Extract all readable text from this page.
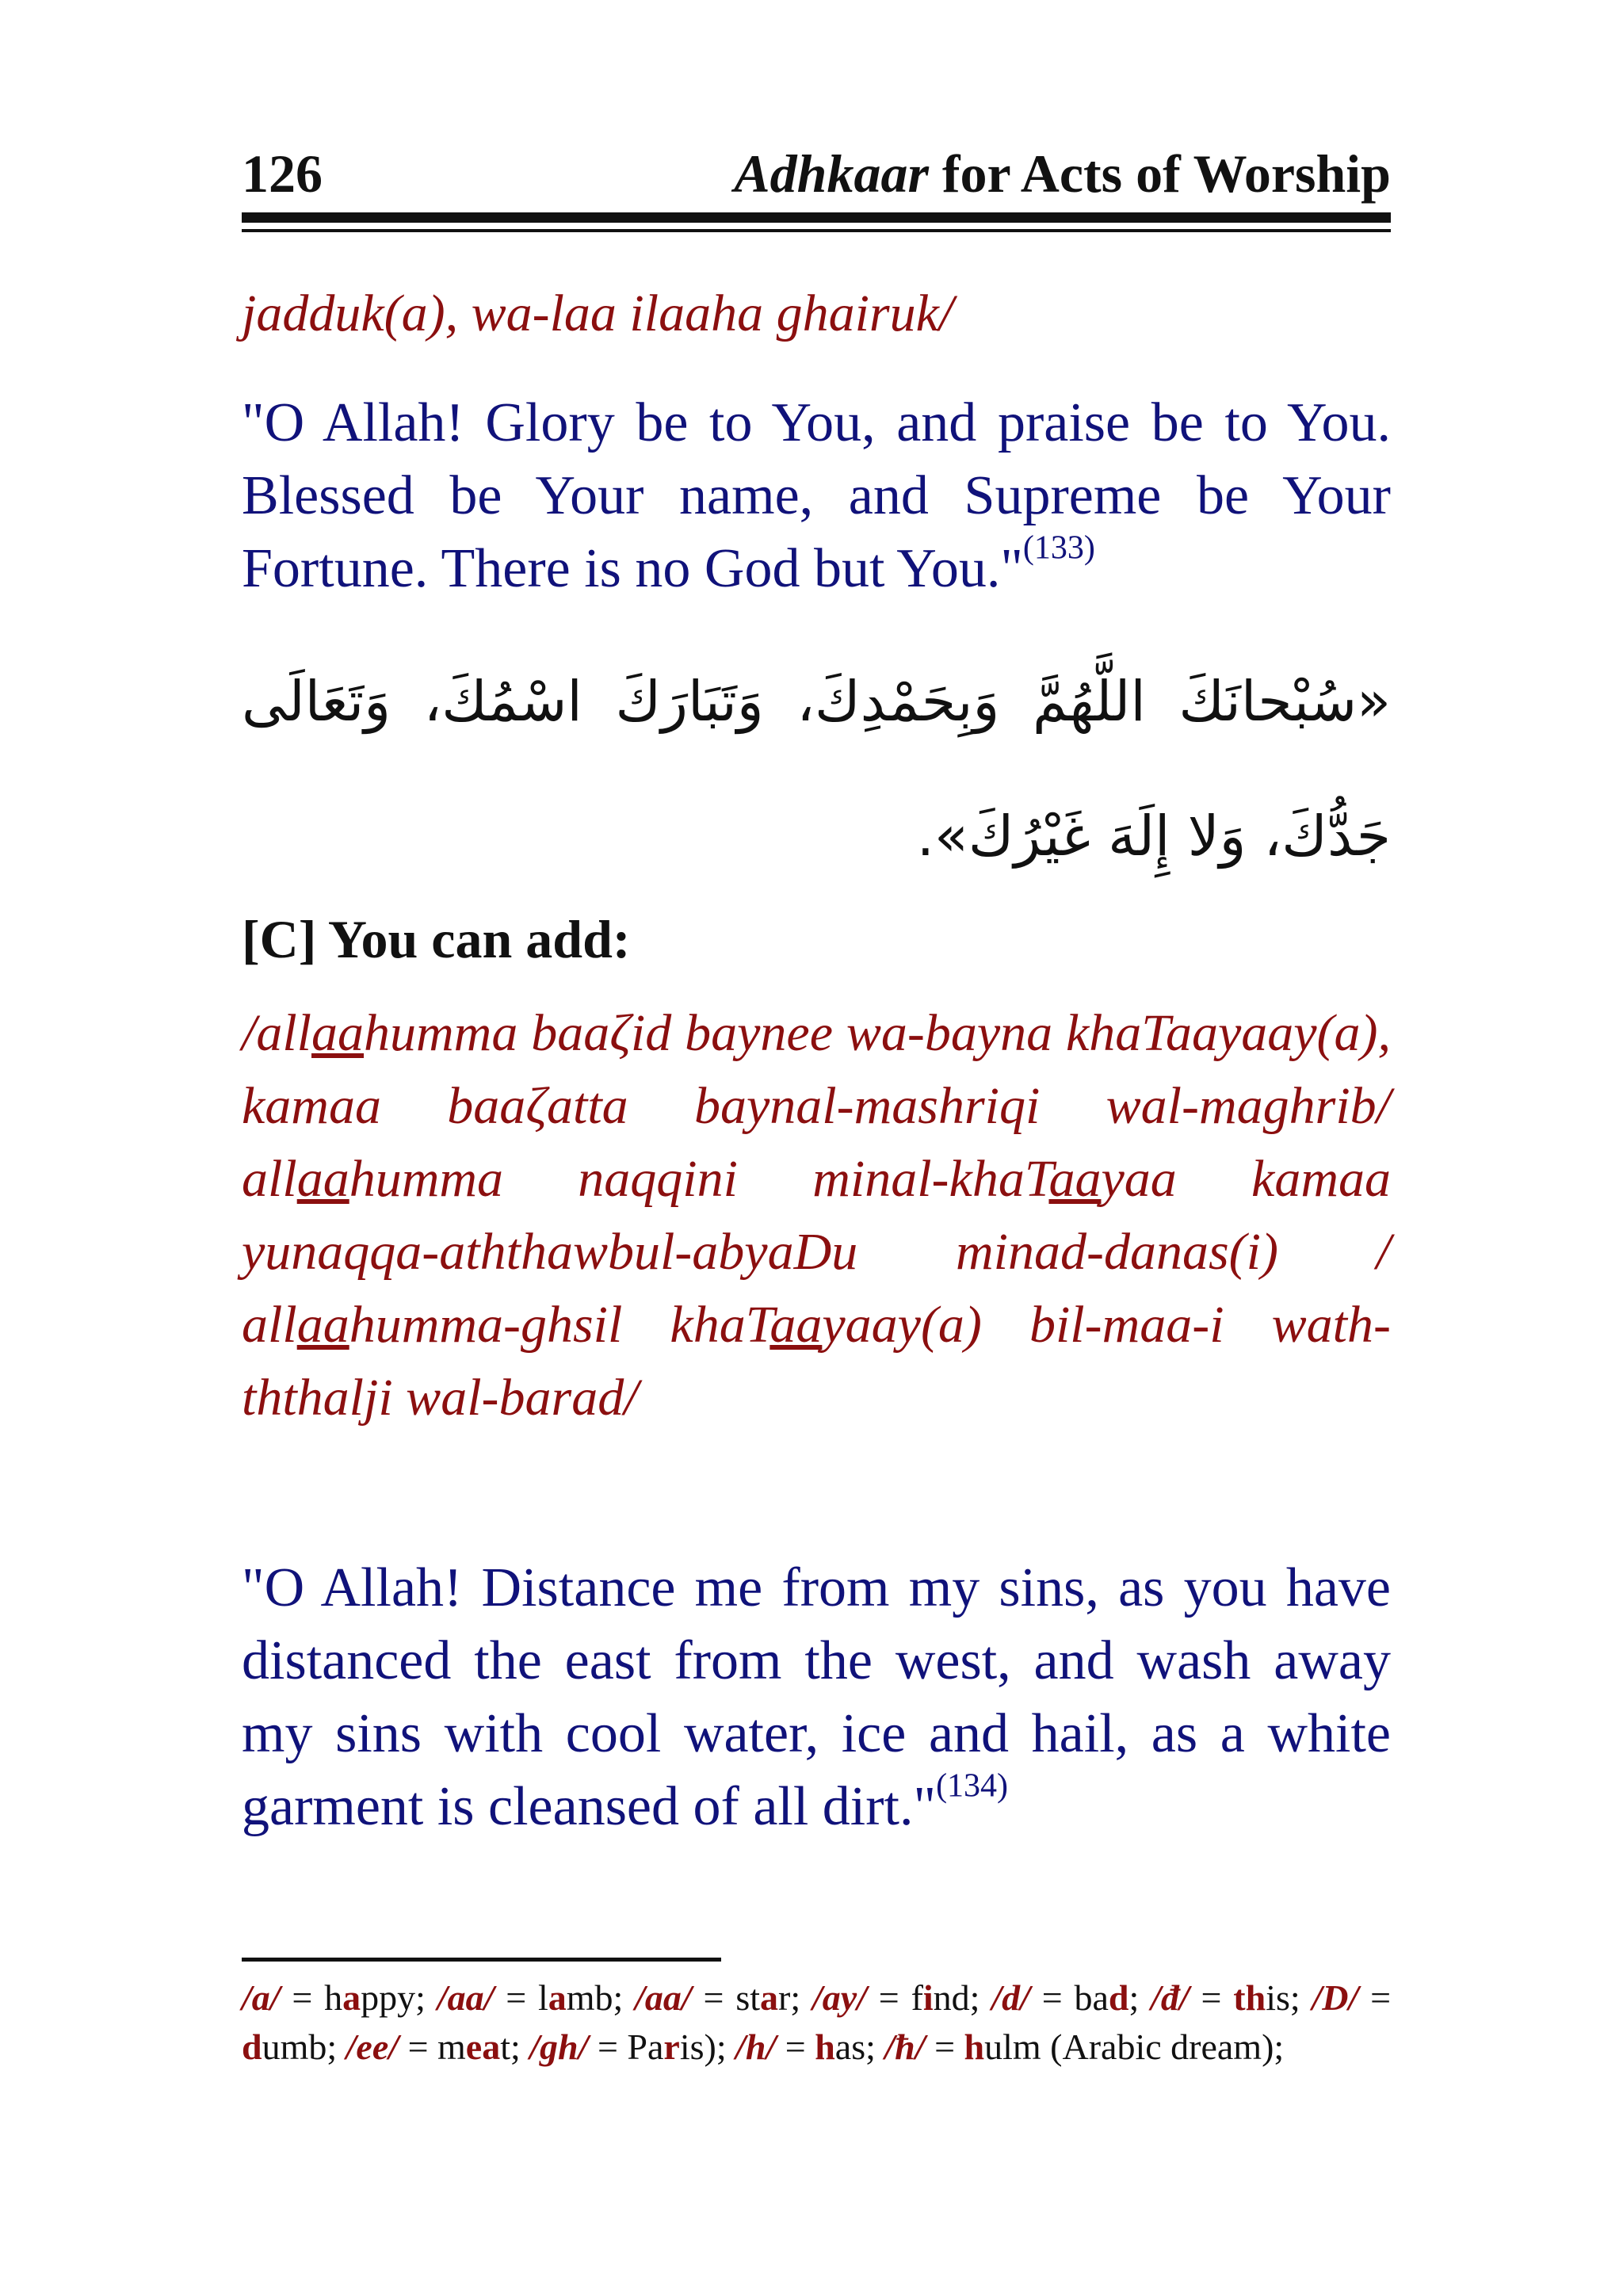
126	Adhkaar for Acts of Worship
jadduk(a), wa-laa ilaaha ghairuk/
"O Allah! Glory be to You, and praise be to You. Blessed be Your name, and Supreme be Your Fortune. There is no God but You."$^{(133)}$
«سُبْحانَكَ اللَّهُمَّ وَبِحَمْدِكَ، وَتَبَارَكَ اسْمُكَ، وَتَعَالَى جَدُّكَ، وَلا إِلَهَ غَيْرُكَ».
[C] You can add:
/allaahumma baaζid baynee wa-bayna khaTaayaay(a), kamaa baaζatta baynal-mashriqi wal-maghrib/ allaahumma naqqini minal-khaTaayaa kamaa yunaqqa-aththawbul-abyaDu minad-danas(i) / allaahumma-ghsil khaTaayaay(a) bil-maa-i wath-ththalji wal-barad/
"O Allah! Distance me from my sins, as you have distanced the east from the west, and wash away my sins with cool water, ice and hail, as a white garment is cleansed of all dirt."$^{(134)}$
/a/ = happy; /aa/ = lamb; /aa/ = star; /ay/ = find; /d/ = bad; /đ/ = this; /D/ = dumb; /ee/ = meat; /gh/ = Paris); /h/ = has; /ħ/ = hulm (Arabic dream);
